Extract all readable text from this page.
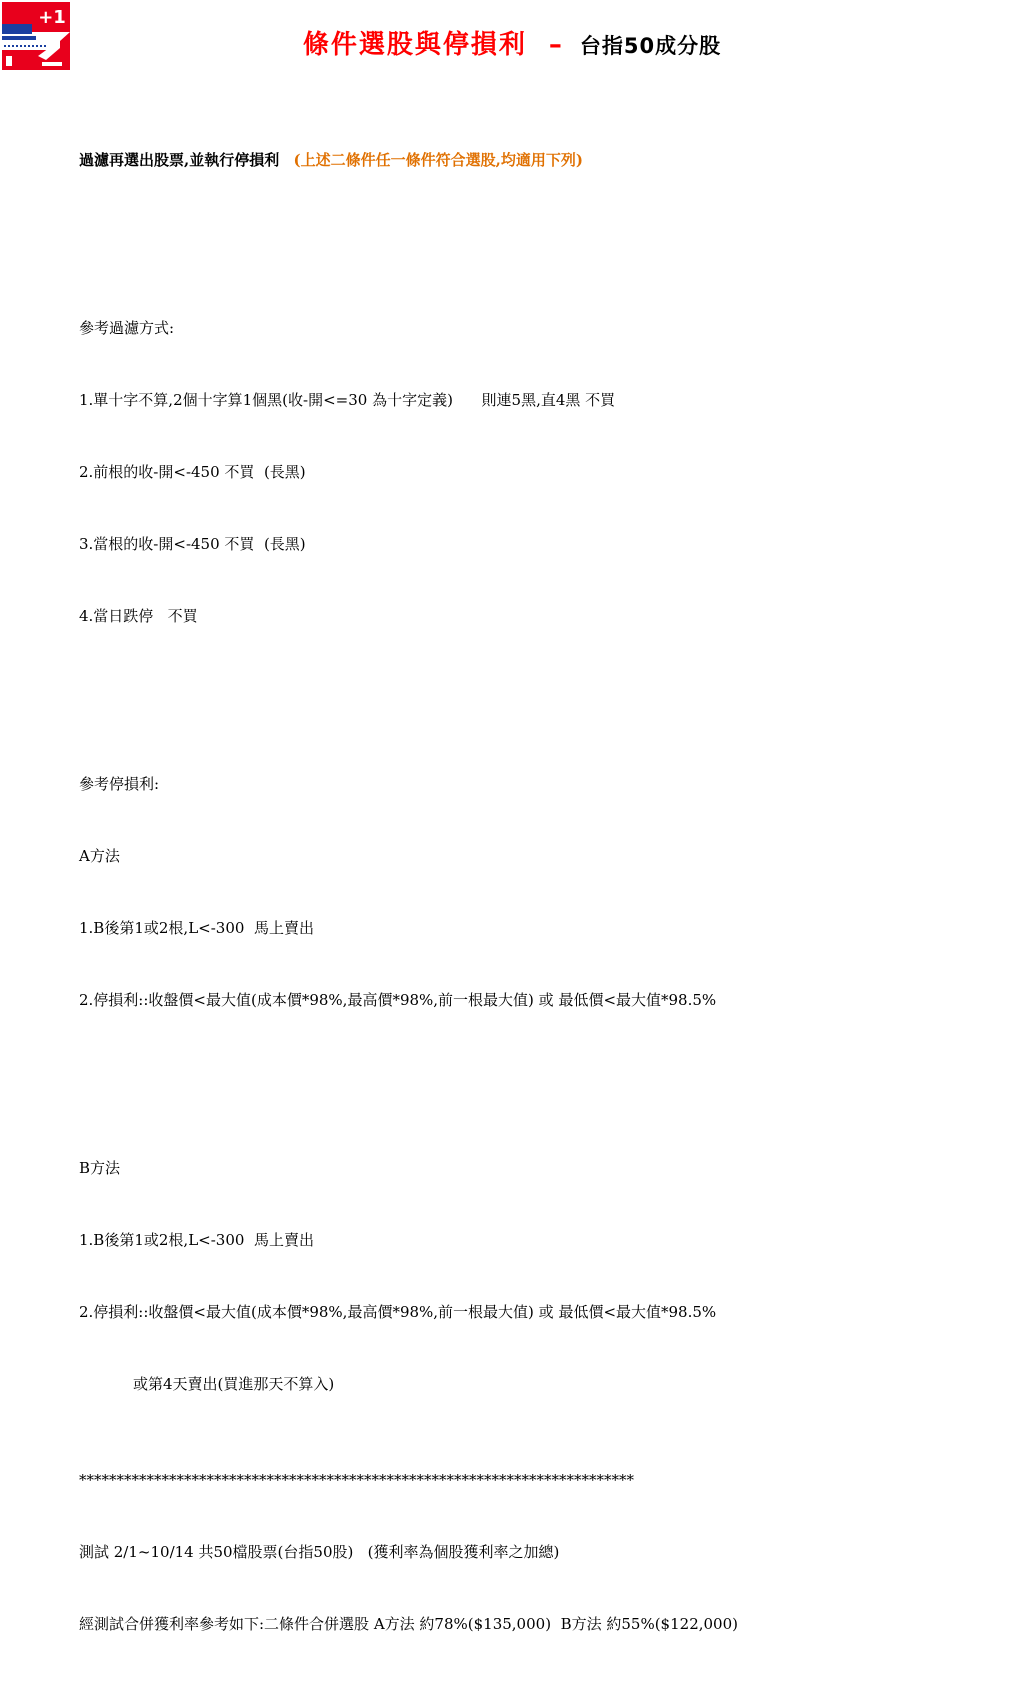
+1
條件選股與停損利 – 台指50成分股

過濾再選出股票,並執行停損利 (上述二條件任一條件符合選股,均適用下列)

參考過濾方式:

1.單十字不算,2個十字算1個黑(收-開<=30 為十字定義)      則連5黑,直4黑 不買

2.前根的收-開<-450 不買  (長黑)

3.當根的收-開<-450 不買  (長黑)

4.當日跌停   不買

參考停損利:

A方法

1.B後第1或2根,L<-300  馬上賣出

2.停損利::收盤價<最大值(成本價*98%,最高價*98%,前一根最大值) 或 最低價<最大值*98.5%

B方法

1.B後第1或2根,L<-300  馬上賣出

2.停損利::收盤價<最大值(成本價*98%,最高價*98%,前一根最大值) 或 最低價<最大值*98.5%

或第4天賣出(買進那天不算入)

**************************************************************************

測試 2/1~10/14 共50檔股票(台指50股)   (獲利率為個股獲利率之加總)

經測試合併獲利率參考如下:二條件合併選股 A方法 約78%($135,000)  B方法 約55%($122,000)
